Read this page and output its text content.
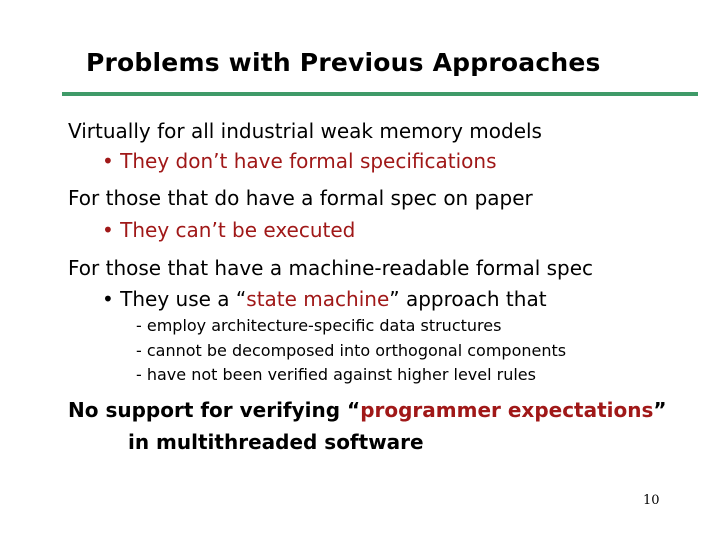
Problems with Previous Approaches
Virtually for all industrial weak memory models
• They don’t have formal specifications
For those that do have a formal spec on paper
• They can’t be executed
For those that have a machine-readable formal spec
• They use a “state machine” approach that
- employ architecture-specific data structures
- cannot be decomposed into orthogonal components
- have not been verified against higher level rules
No support for verifying “programmer expectations”
in multithreaded software
10
